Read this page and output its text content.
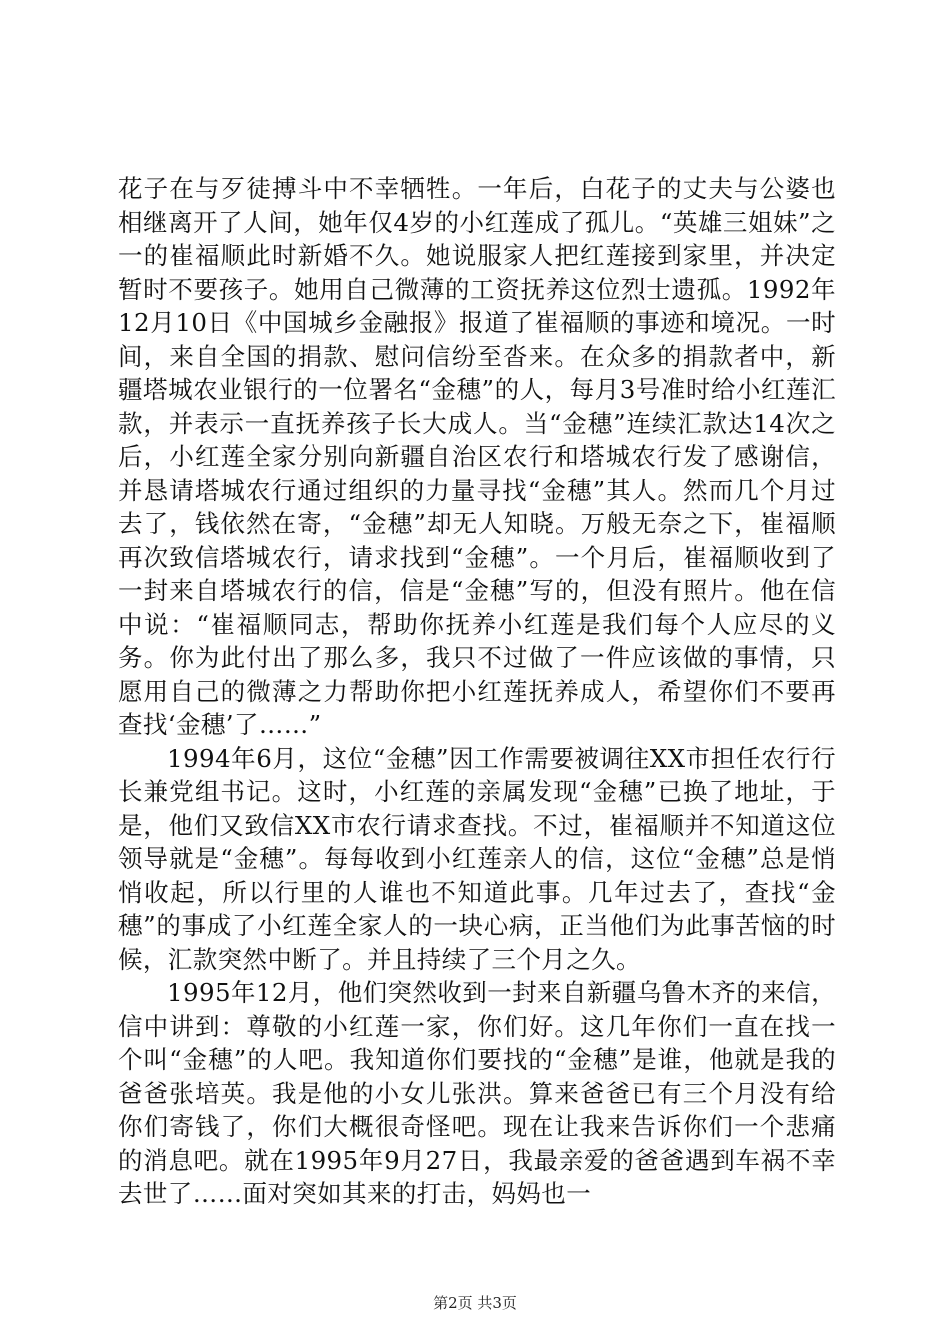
花子在与歹徒搏斗中不幸牺牲。一年后，白花子的丈夫与公婆也相继离开了人间，她年仅4岁的小红莲成了孤儿。“英雄三姐妹”之一的崔福顺此时新婚不久。她说服家人把红莲接到家里，并决定暂时不要孩子。她用自己微薄的工资抚养这位烈士遗孤。1992年12月10日《中国城乡金融报》报道了崔福顺的事迹和境况。一时间，来自全国的捐款、慰问信纷至沓来。在众多的捐款者中，新疆塔城农业银行的一位署名“金穗”的人，每月3号准时给小红莲汇款，并表示一直抚养孩子长大成人。当“金穗”连续汇款达14次之后，小红莲全家分别向新疆自治区农行和塔城农行发了感谢信，并恳请塔城农行通过组织的力量寻找“金穗”其人。然而几个月过去了，钱依然在寄，“金穗”却无人知晓。万般无奈之下，崔福顺再次致信塔城农行，请求找到“金穗”。一个月后，崔福顺收到了一封来自塔城农行的信，信是“金穗”写的，但没有照片。他在信中说：“崔福顺同志，帮助你抚养小红莲是我们每个人应尽的义务。你为此付出了那么多，我只不过做了一件应该做的事情，只愿用自己的微薄之力帮助你把小红莲抚养成人，希望你们不要再查找‘金穗’了……”

1994年6月，这位“金穗”因工作需要被调往XX市担任农行行长兼党组书记。这时，小红莲的亲属发现“金穗”已换了地址，于是，他们又致信XX市农行请求查找。不过，崔福顺并不知道这位领导就是“金穗”。每每收到小红莲亲人的信，这位“金穗”总是悄悄收起，所以行里的人谁也不知道此事。几年过去了，查找“金穗”的事成了小红莲全家人的一块心病，正当他们为此事苦恼的时候，汇款突然中断了。并且持续了三个月之久。

1995年12月，他们突然收到一封来自新疆乌鲁木齐的来信，信中讲到：尊敬的小红莲一家，你们好。这几年你们一直在找一个叫“金穗”的人吧。我知道你们要找的“金穗”是谁，他就是我的爸爸张培英。我是他的小女儿张洪。算来爸爸已有三个月没有给你们寄钱了，你们大概很奇怪吧。现在让我来告诉你们一个悲痛的消息吧。就在1995年9月27日，我最亲爱的爸爸遇到车祸不幸去世了……面对突如其来的打击，妈妈也一

第2页 共3页
